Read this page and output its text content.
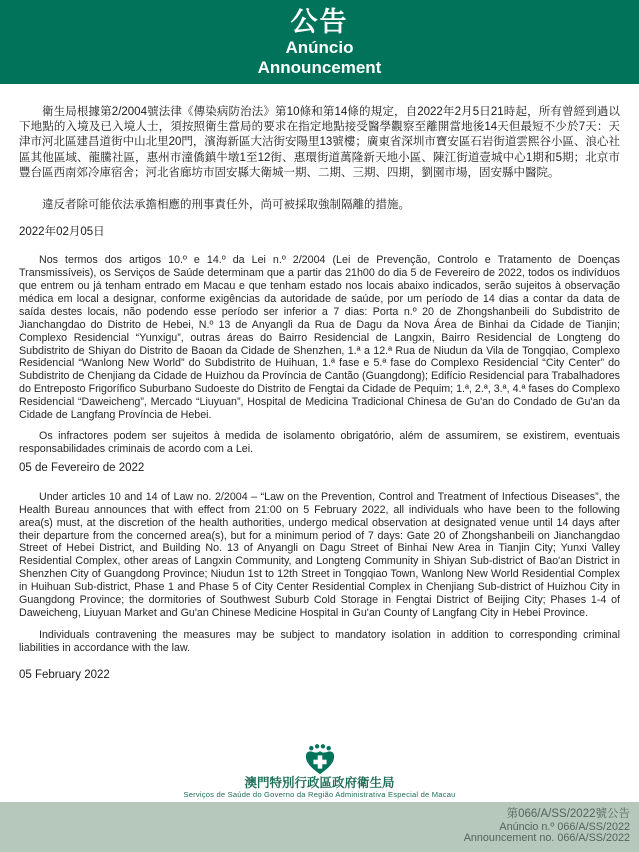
公告
Anúncio
Announcement

衛生局根據第2/2004號法律《傳染病防治法》第10條和第14條的規定，自2022年2月5日21時起，所有曾經到過以下地點的入境及已入境人士，須按照衛生當局的要求在指定地點接受醫學觀察至離開當地後14天但最短不少於7天：天津市河北區建昌道街中山北里20門，濱海新區大沽街安陽里13號樓；廣東省深圳市寶安區石岩街道雲熙谷小區、浪心社區其他區域、龍騰社區，惠州市潼僑鎮牛墩1至12街、惠環街道萬隆新天地小區、陳江街道壹城中心1期和5期；北京市豐台區西南郊冷庫宿舍；河北省廊坊市固安縣大衛城一期、二期、三期、四期，劉園市場，固安縣中醫院。

違反者除可能依法承擔相應的刑事責任外，尚可被採取強制隔離的措施。

2022年02月05日

Nos termos dos artigos 10.º e 14.º da Lei n.º 2/2004 (Lei de Prevenção, Controlo e Tratamento de Doenças Transmissíveis), os Serviços de Saúde determinam que a partir das 21h00 do dia 5 de Fevereiro de 2022, todos os indivíduos que entrem ou já tenham entrado em Macau e que tenham estado nos locais abaixo indicados, serão sujeitos à observação médica em local a designar, conforme exigências da autoridade de saúde, por um período de 14 dias a contar da data de saída destes locais, não podendo esse período ser inferior a 7 dias: Porta n.º 20 de Zhongshanbeili do Subdistrito de Jianchangdao do Distrito de Hebei, N.º 13 de Anyangli da Rua de Dagu da Nova Área de Binhai da Cidade de Tianjin; Complexo Residencial “Yunxigu”, outras áreas do Bairro Residencial de Langxin, Bairro Residencial de Longteng do Subdistrito de Shiyan do Distrito de Baoan da Cidade de Shenzhen, 1.ª a 12.ª Rua de Niudun da Vila de Tongqiao, Complexo Residencial “Wanlong New World” do Subdistrito de Huihuan, 1.ª fase e 5.ª fase do Complexo Residencial “City Center” do Subdistrito de Chenjiang da Cidade de Huizhou da Província de Cantão (Guangdong); Edifício Residencial para Trabalhadores do Entreposto Frigorífico Suburbano Sudoeste do Distrito de Fengtai da Cidade de Pequim; 1.ª, 2.ª, 3.ª, 4.ª fases do Complexo Residencial “Daweicheng”, Mercado “Liuyuan”, Hospital de Medicina Tradicional Chinesa de Gu'an do Condado de Gu'an da Cidade de Langfang Província de Hebei.

Os infractores podem ser sujeitos à medida de isolamento obrigatório, além de assumirem, se existirem, eventuais responsabilidades criminais de acordo com a Lei.

05 de Fevereiro de 2022

Under articles 10 and 14 of Law no. 2/2004 – “Law on the Prevention, Control and Treatment of Infectious Diseases”, the Health Bureau announces that with effect from 21:00 on 5 February 2022, all individuals who have been to the following area(s) must, at the discretion of the health authorities, undergo medical observation at designated venue until 14 days after their departure from the concerned area(s), but for a minimum period of 7 days: Gate 20 of Zhongshanbeili on Jianchangdao Street of Hebei District, and Building No. 13 of Anyangli on Dagu Street of Binhai New Area in Tianjin City; Yunxi Valley Residential Complex, other areas of Langxin Community, and Longteng Community in Shiyan Sub-district of Bao'an District in Shenzhen City of Guangdong Province; Niudun 1st to 12th Street in Tongqiao Town, Wanlong New World Residential Complex in Huihuan Sub-district, Phase 1 and Phase 5 of City Center Residential Complex in Chenjiang Sub-district of Huizhou City in Guangdong Province; the dormitories of Southwest Suburb Cold Storage in Fengtai District of Beijing City; Phases 1-4 of Daweicheng, Liuyuan Market and Gu'an Chinese Medicine Hospital in Gu'an County of Langfang City in Hebei Province.

Individuals contravening the measures may be subject to mandatory isolation in addition to corresponding criminal liabilities in accordance with the law.

05 February 2022

澳門特別行政區政府衛生局
Serviços de Saúde do Governo da Região Administrativa Especial de Macau
第066/A/SS/2022號公告
Anúncio n.º 066/A/SS/2022
Announcement no. 066/A/SS/2022
